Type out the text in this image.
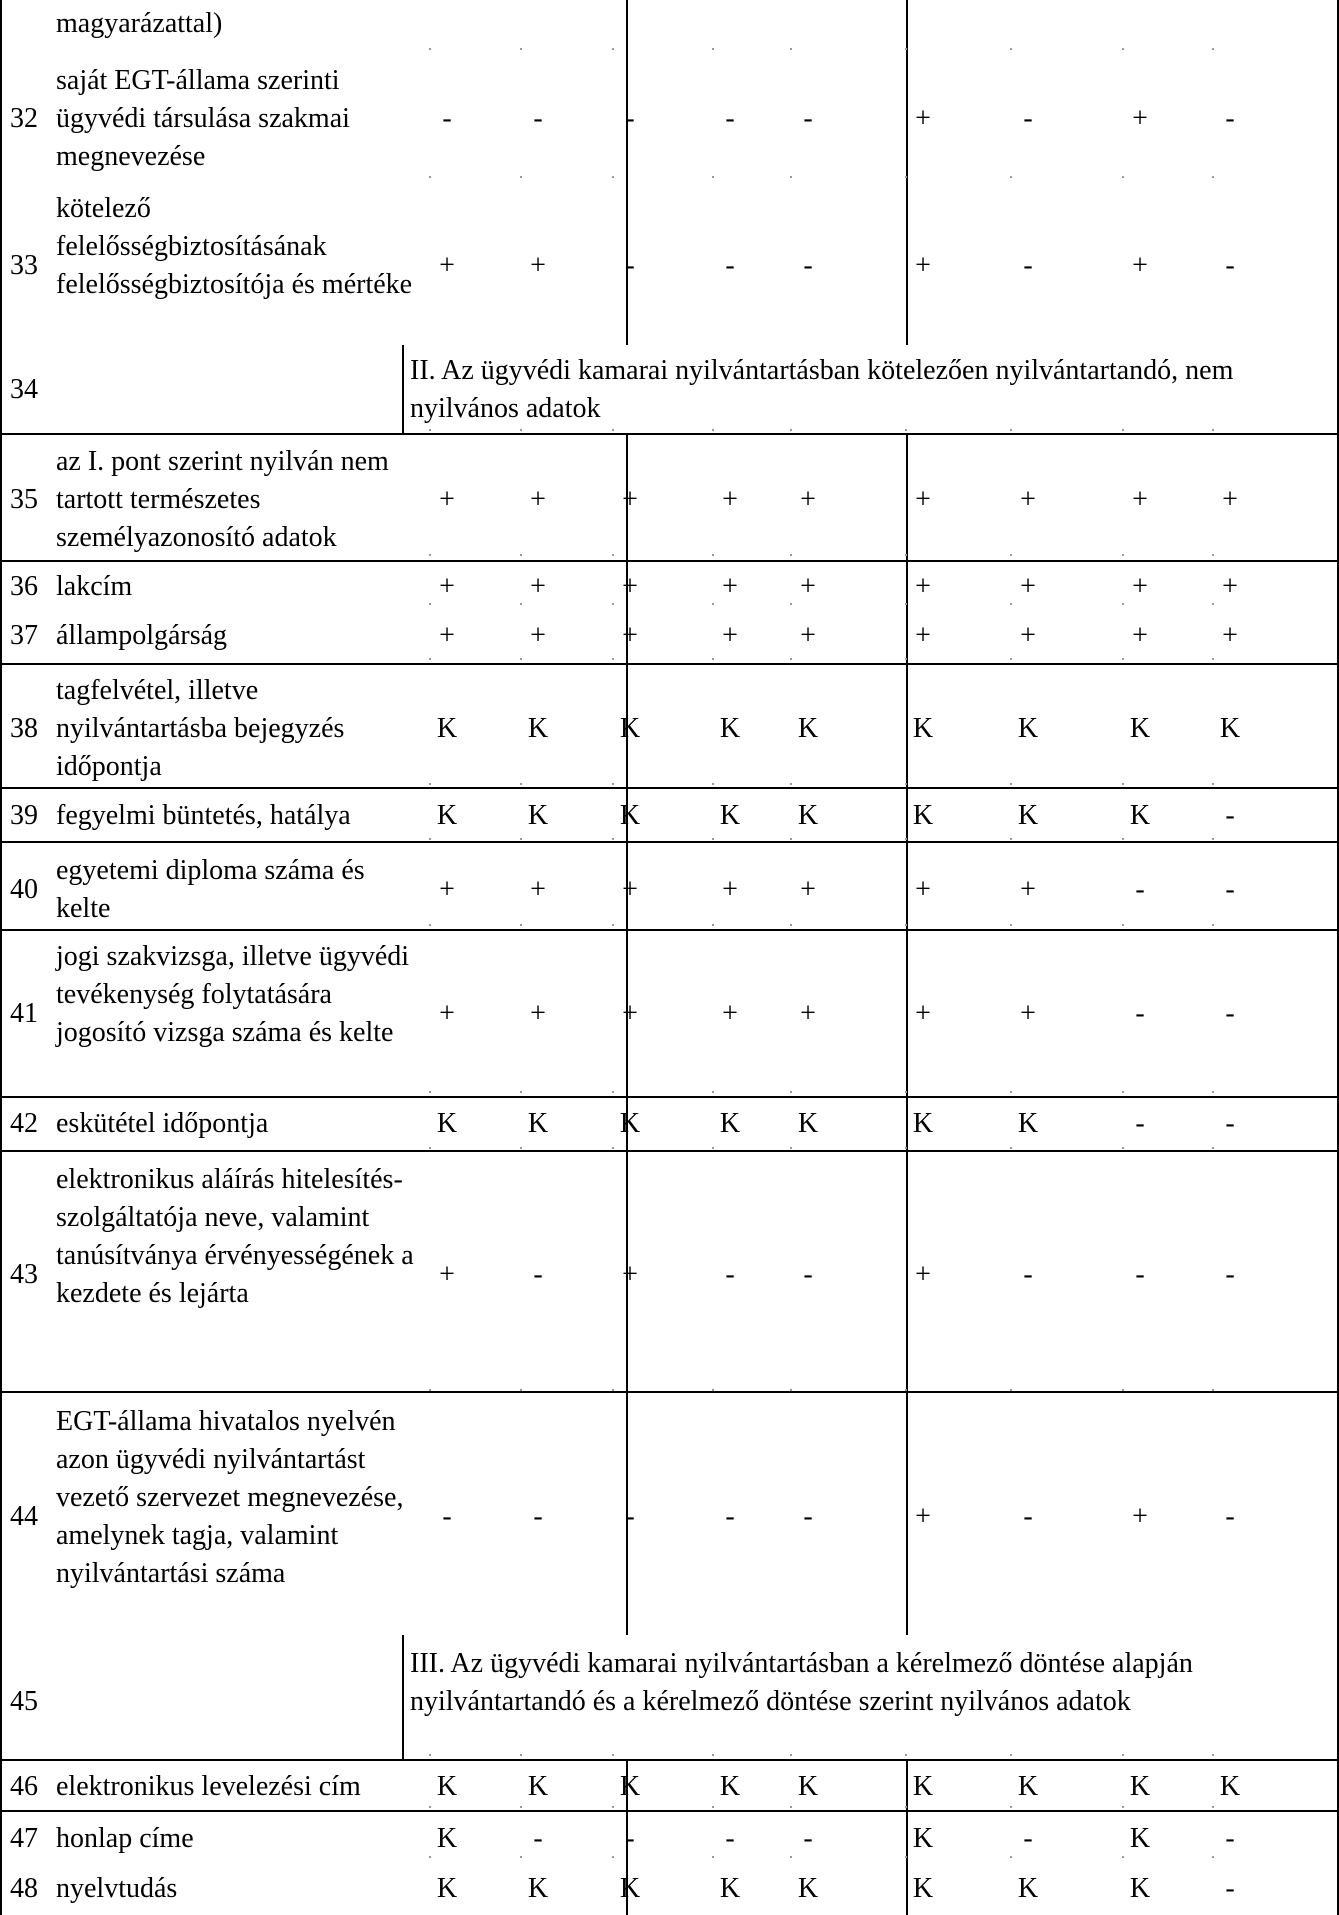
magyarázattal)
32
saját EGT-állama szerinti ügyvédi társulása szakmai megnevezése
-	-	-	-	-	+	-	+	-
33
kötelező felelősségbiztosításának felelősségbiztosítója és mértéke
+	+	-	-	-	+	-	+	-
34
II. Az ügyvédi kamarai nyilvántartásban kötelezően nyilvántartandó, nem nyilvános adatok
35
az I. pont szerint nyilván nem tartott természetes személyazonosító adatok
+	+	+	+	+	+	+	+	+
36 lakcím	+	+	+	+	+	+	+	+	+
37 állampolgárság	+	+	+	+	+	+	+	+	+
38
tagfelvétel, illetve nyilvántartásba bejegyzés időpontja
K	K	K	K	K	K	K	K	K
39 fegyelmi büntetés, hatálya	K	K	K	K	K	K	K	K	-
40
egyetemi diploma száma és kelte
+	+	+	+	+	+	+	-	-
41
jogi szakvizsga, illetve ügyvédi tevékenység folytatására jogosító vizsga száma és kelte
+	+	+	+	+	+	+	-	-
42 eskütétel időpontja	K	K	K	K	K	K	K	-	-
43
elektronikus aláírás hitelesítés-szolgáltatója neve, valamint tanúsítványa érvényességének a kezdete és lejárta
+	-	+	-	-	+	-	-	-
44
EGT-állama hivatalos nyelvén azon ügyvédi nyilvántartást vezető szervezet megnevezése, amelynek tagja, valamint nyilvántartási száma
-	-	-	-	-	+	-	+	-
45
III. Az ügyvédi kamarai nyilvántartásban a kérelmező döntése alapján nyilvántartandó és a kérelmező döntése szerint nyilvános adatok
46 elektronikus levelezési cím	K	K	K	K	K	K	K	K	K
47 honlap címe	K	-	-	-	-	K	-	K	-
48 nyelvtudás	K	K	K	K	K	K	K	K	-
